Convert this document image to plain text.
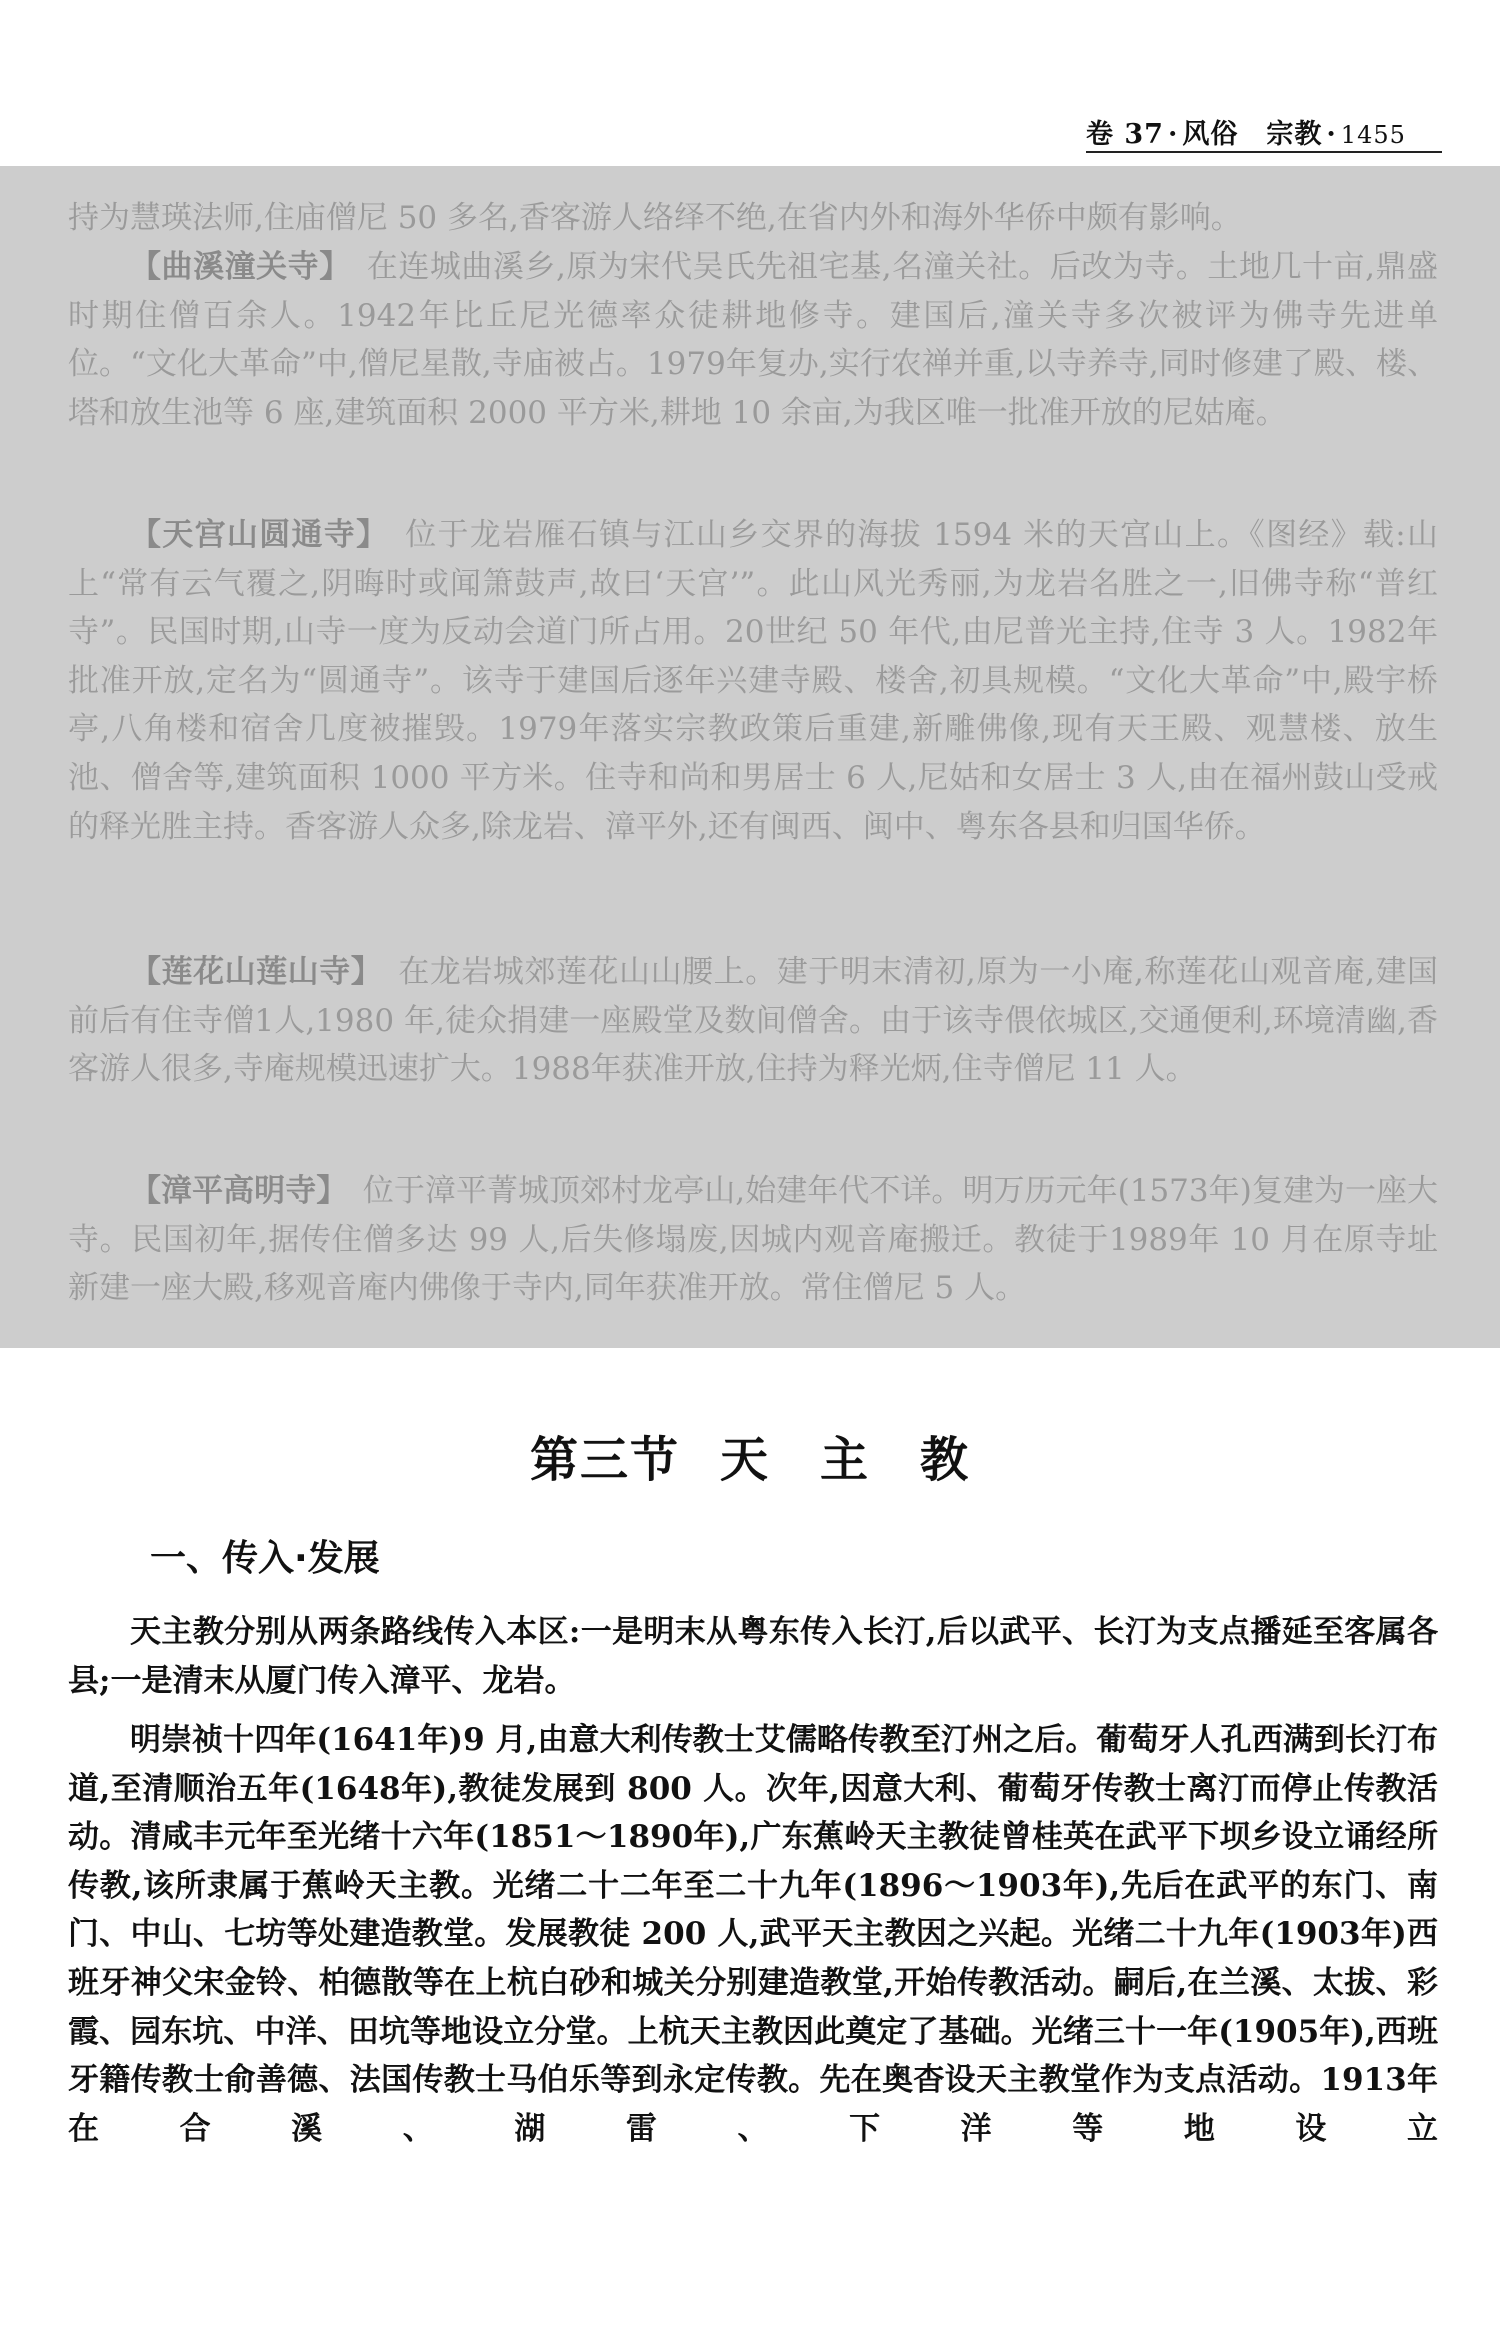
卷 37 · 风俗　宗教 · 1455

持为慧瑛法师,住庙僧尼 50 多名,香客游人络绎不绝,在省内外和海外华侨中颇有影响。

【曲溪潼关寺】　 在连城曲溪乡,原为宋代吴氏先祖宅基,名潼关社。后改为寺。土地几十亩,鼎盛时期住僧百余人。1942年比丘尼光德率众徒耕地修寺。建国后,潼关寺多次被评为佛寺先进单位。“文化大革命”中,僧尼星散,寺庙被占。1979年复办,实行农禅并重,以寺养寺,同时修建了殿、楼、塔和放生池等 6 座,建筑面积 2000 平方米,耕地 10 余亩,为我区唯一批准开放的尼姑庵。

【天宫山圆通寺】　 位于龙岩雁石镇与江山乡交界的海拔 1594 米的天宫山上。《图经》载:山上“常有云气覆之,阴晦时或闻箫鼓声,故曰‘天宫’”。此山风光秀丽,为龙岩名胜之一,旧佛寺称“普红寺”。民国时期,山寺一度为反动会道门所占用。20世纪 50 年代,由尼普光主持,住寺 3 人。1982年批准开放,定名为“圆通寺”。该寺于建国后逐年兴建寺殿、楼舍,初具规模。“文化大革命”中,殿宇桥亭,八角楼和宿舍几度被摧毁。1979年落实宗教政策后重建,新雕佛像,现有天王殿、观慧楼、放生池、僧舍等,建筑面积 1000 平方米。住寺和尚和男居士 6 人,尼姑和女居士 3 人,由在福州鼓山受戒的释光胜主持。香客游人众多,除龙岩、漳平外,还有闽西、闽中、粤东各县和归国华侨。

【莲花山莲山寺】　 在龙岩城郊莲花山山腰上。建于明末清初,原为一小庵,称莲花山观音庵,建国前后有住寺僧1人,1980 年,徒众捐建一座殿堂及数间僧舍。由于该寺偎依城区,交通便利,环境清幽,香客游人很多,寺庵规模迅速扩大。1988年获准开放,住持为释光炳,住寺僧尼 11 人。

【漳平高明寺】　 位于漳平菁城顶郊村龙亭山,始建年代不详。明万历元年(1573年)复建为一座大寺。民国初年,据传住僧多达 99 人,后失修塌废,因城内观音庵搬迁。教徒于1989年 10 月在原寺址新建一座大殿,移观音庵内佛像于寺内,同年获准开放。常住僧尼 5 人。

第三节 天　主　教
一、传入·发展

天主教分别从两条路线传入本区:一是明末从粤东传入长汀,后以武平、长汀为支点播延至客属各县;一是清末从厦门传入漳平、龙岩。

明崇祯十四年(1641年)9 月,由意大利传教士艾儒略传教至汀州之后。葡萄牙人孔西满到长汀布道,至清顺治五年(1648年),教徒发展到 800 人。次年,因意大利、葡萄牙传教士离汀而停止传教活动。清咸丰元年至光绪十六年(1851～1890年),广东蕉岭天主教徒曾桂英在武平下坝乡设立诵经所传教,该所隶属于蕉岭天主教。光绪二十二年至二十九年(1896～1903年),先后在武平的东门、南门、中山、七坊等处建造教堂。发展教徒 200 人,武平天主教因之兴起。光绪二十九年(1903年)西班牙神父宋金铃、柏德散等在上杭白砂和城关分别建造教堂,开始传教活动。嗣后,在兰溪、太拔、彩霞、园东坑、中洋、田坑等地设立分堂。上杭天主教因此奠定了基础。光绪三十一年(1905年),西班牙籍传教士俞善德、法国传教士马伯乐等到永定传教。先在奥杳设天主教堂作为支点活动。1913年在合溪、湖雷、下洋等地设立
